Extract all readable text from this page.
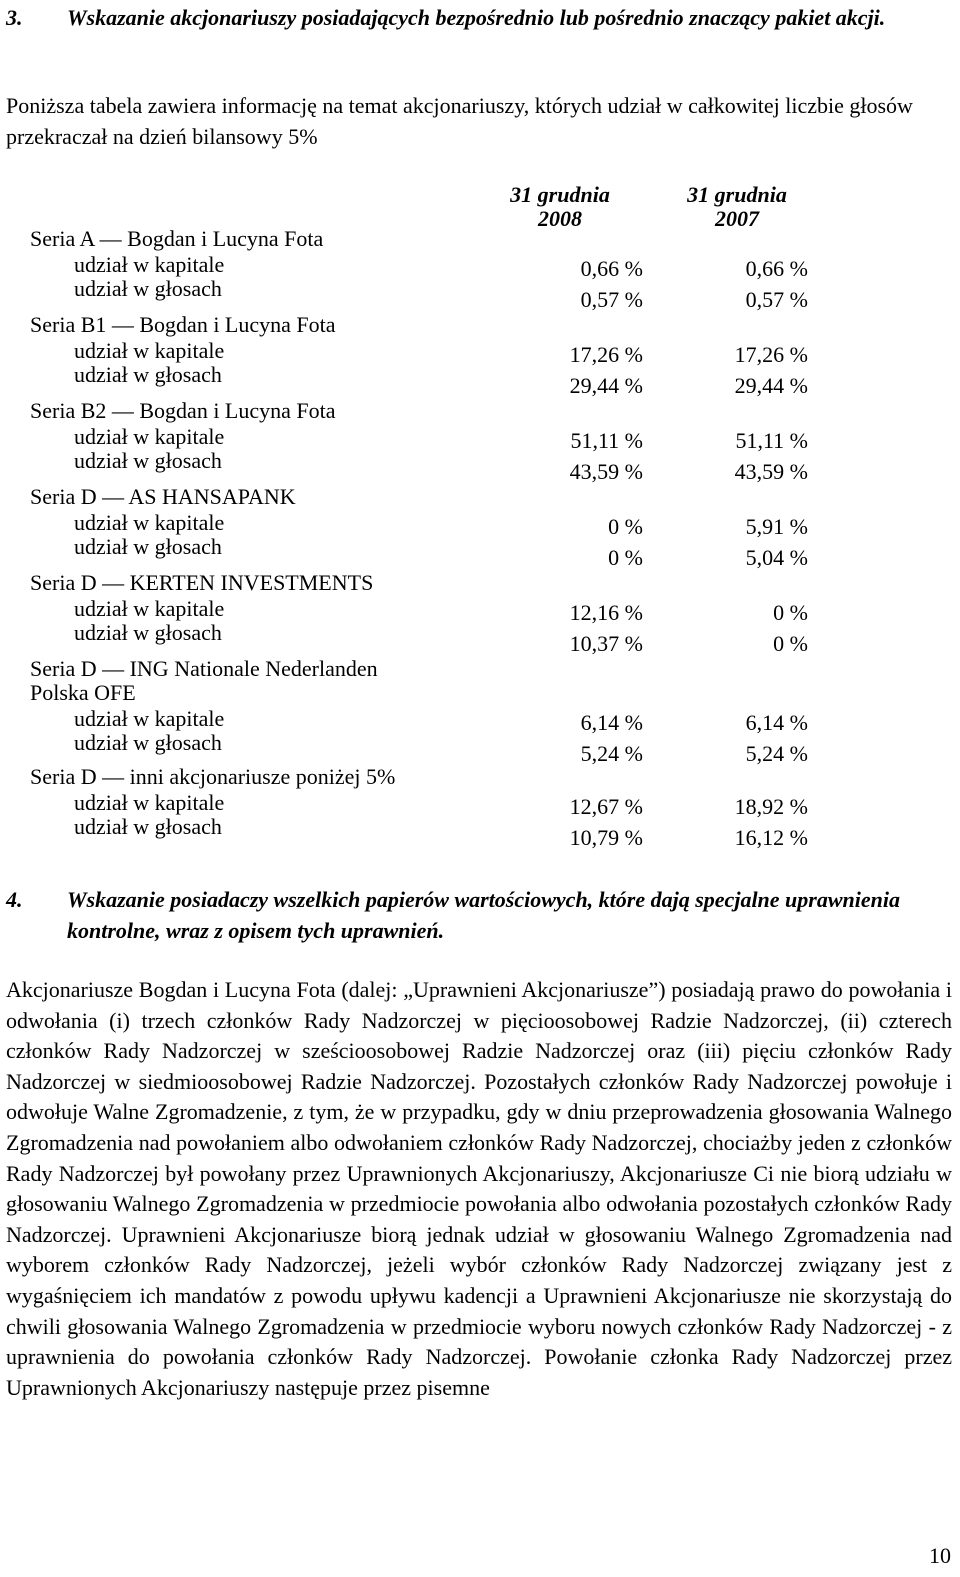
3.	Wskazanie akcjonariuszy posiadających bezpośrednio lub pośrednio znaczący pakiet akcji.
Poniższa tabela zawiera informację na temat akcjonariuszy, których udział w całkowitej liczbie głosów przekraczał na dzień bilansowy 5%
31 grudnia 2008
31 grudnia 2007
Seria A — Bogdan i Lucyna Fota
udział w kapitale	0,66 %	0,66 %
udział w głosach	0,57 %	0,57 %
Seria B1 — Bogdan i Lucyna Fota
udział w kapitale	17,26 %	17,26 %
udział w głosach	29,44 %	29,44 %
Seria B2 — Bogdan i Lucyna Fota
udział w kapitale	51,11 %	51,11 %
udział w głosach	43,59 %	43,59 %
Seria D — AS HANSAPANK
udział w kapitale	0 %	5,91 %
udział w głosach	0 %	5,04 %
Seria D — KERTEN INVESTMENTS
udział w kapitale	12,16 %	0 %
udział w głosach	10,37 %	0 %
Seria D — ING Nationale Nederlanden
Polska OFE
udział w kapitale	6,14 %	6,14 %
udział w głosach	5,24 %	5,24 %
Seria D — inni akcjonariusze poniżej 5%
udział w kapitale	12,67 %	18,92 %
udział w głosach	10,79 %	16,12 %
4.	Wskazanie posiadaczy wszelkich papierów wartościowych, które dają specjalne uprawnienia kontrolne, wraz z opisem tych uprawnień.
Akcjonariusze Bogdan i Lucyna Fota (dalej: „Uprawnieni Akcjonariusze”) posiadają prawo do powołania i odwołania (i) trzech członków Rady Nadzorczej w pięcioosobowej Radzie Nadzorczej, (ii) czterech członków Rady Nadzorczej w sześcioosobowej Radzie Nadzorczej oraz (iii) pięciu członków Rady Nadzorczej w siedmioosobowej Radzie Nadzorczej. Pozostałych członków Rady Nadzorczej powołuje i odwołuje Walne Zgromadzenie, z tym, że w przypadku, gdy w dniu przeprowadzenia głosowania Walnego Zgromadzenia nad powołaniem albo odwołaniem członków Rady Nadzorczej, chociażby jeden z członków Rady Nadzorczej był powołany przez Uprawnionych Akcjonariuszy, Akcjonariusze Ci nie biorą udziału w głosowaniu Walnego Zgromadzenia w przedmiocie powołania albo odwołania pozostałych członków Rady Nadzorczej. Uprawnieni Akcjonariusze biorą jednak udział w głosowaniu Walnego Zgromadzenia nad wyborem członków Rady Nadzorczej, jeżeli wybór członków Rady Nadzorczej związany jest z wygaśnięciem ich mandatów z powodu upływu kadencji a Uprawnieni Akcjonariusze nie skorzystają do chwili głosowania Walnego Zgromadzenia w przedmiocie wyboru nowych członków Rady Nadzorczej - z uprawnienia do powołania członków Rady Nadzorczej. Powołanie członka Rady Nadzorczej przez Uprawnionych Akcjonariuszy następuje przez pisemne
10
